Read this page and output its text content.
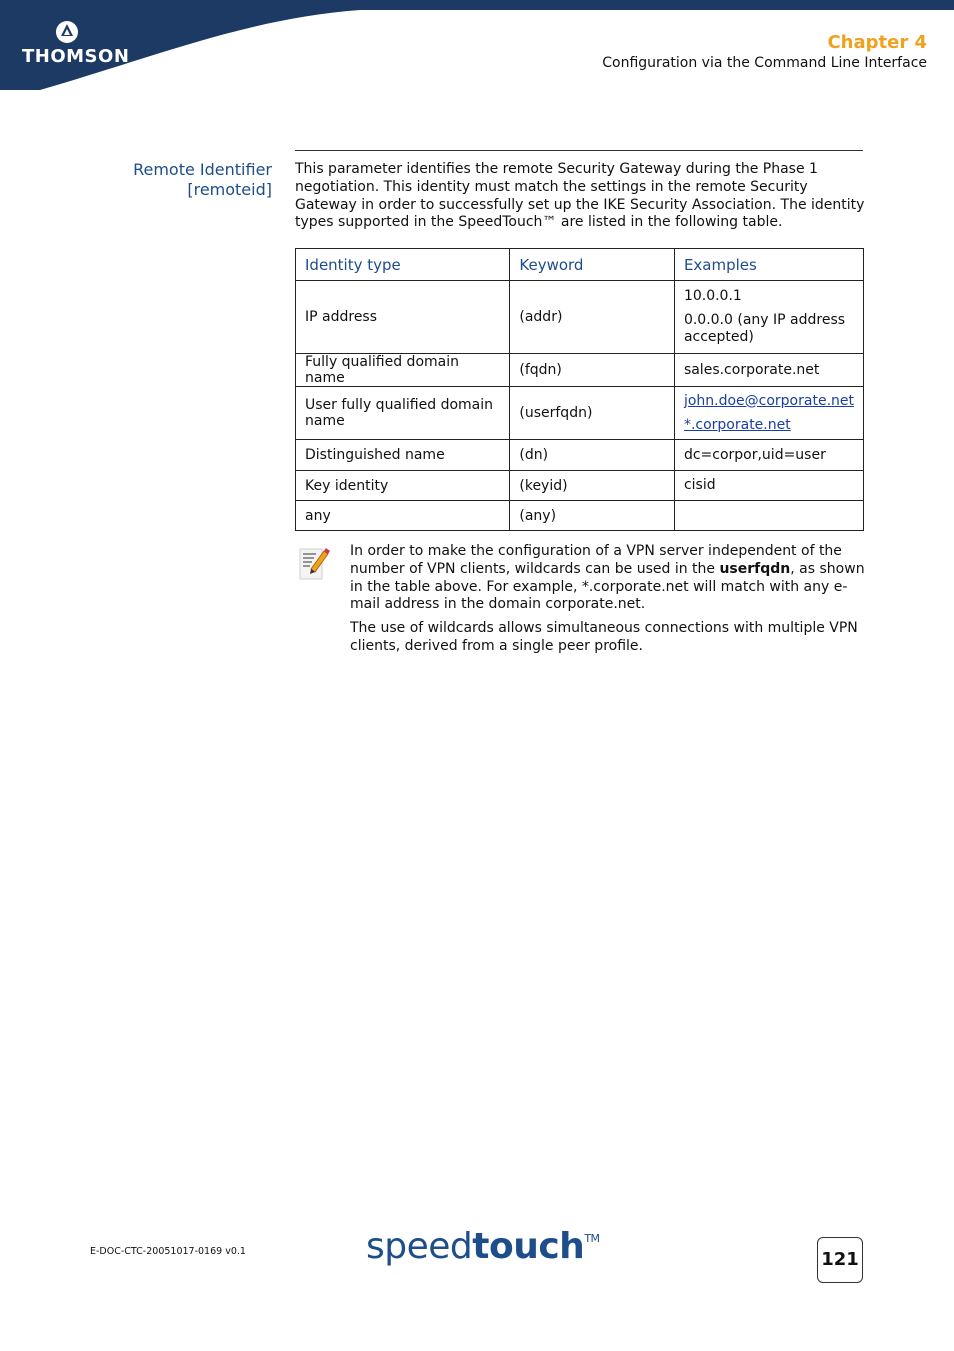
THOMSON
Chapter 4
Configuration via the Command Line Interface
Remote Identifier
[remoteid]
This parameter identifies the remote Security Gateway during the Phase 1 negotiation. This identity must match the settings in the remote Security Gateway in order to successfully set up the IKE Security Association. The identity types supported in the SpeedTouch™ are listed in the following table.
Identity type	Keyword	Examples
IP address	(addr)	10.0.0.1
0.0.0.0 (any IP address accepted)

Fully qualified domain name	(fqdn)	sales.corporate.net

User fully qualified domain name	(userfqdn)	john.doe@corporate.net
*.corporate.net

Distinguished name	(dn)	dc=corpor,uid=user

Key identity	(keyid)	cisid

any	(any)	

In order to make the configuration of a VPN server independent of the number of VPN clients, wildcards can be used in the userfqdn, as shown in the table above. For example, *.corporate.net will match with any e-mail address in the domain corporate.net.

The use of wildcards allows simultaneous connections with multiple VPN clients, derived from a single peer profile.

E-DOC-CTC-20051017-0169 v0.1	speedtouch™
121
